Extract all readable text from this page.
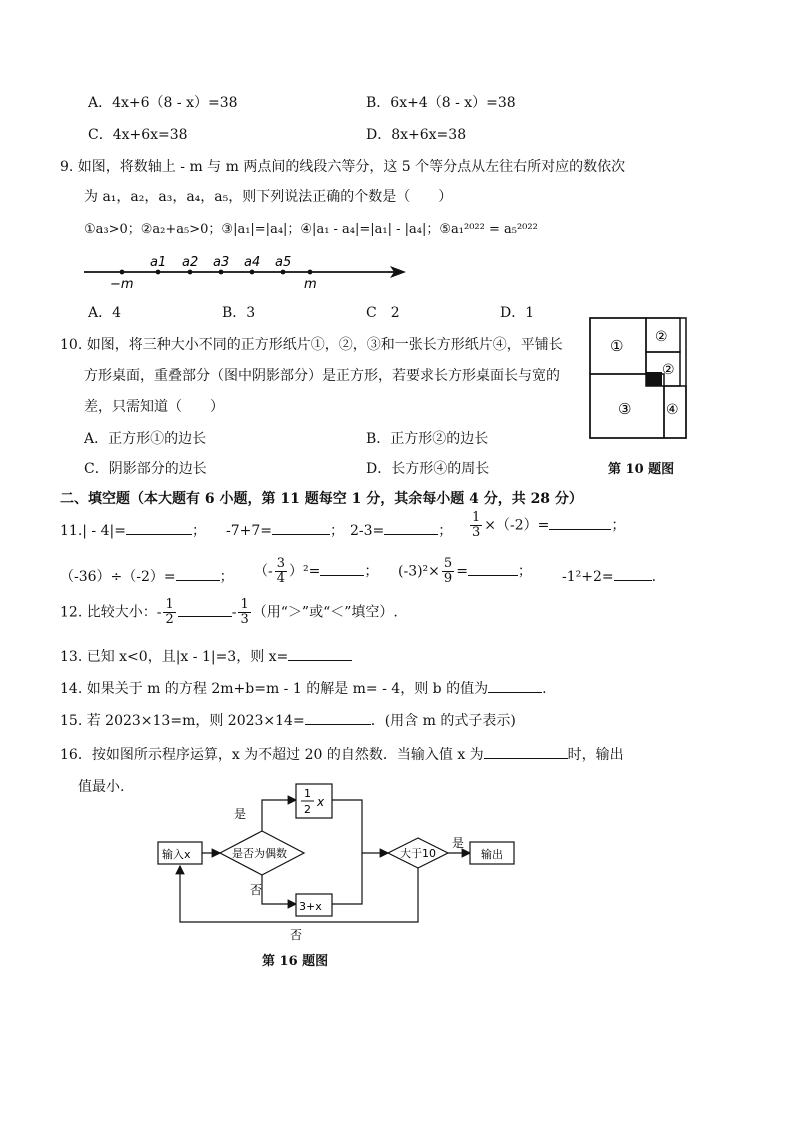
A．4x+6（8 - x）=38	B．6x+4（8 - x）=38
C．4x+6x=38	D．8x+6x=38
9. 如图，将数轴上 - m 与 m 两点间的线段六等分，这 5 个等分点从左往右所对应的数依次
为 a₁，a₂，a₃，a₄，a₅，则下列说法正确的个数是（　　）
①a₃>0；②a₂+a₅>0；③|a₁|=|a₄|；④|a₁ - a₄|=|a₁| - |a₄|；⑤a₁²⁰²² = a₅²⁰²²
−m
a1 a2 a3 a4 a5
m
A．4	B．3	C　2	D．1
10. 如图，将三种大小不同的正方形纸片①，②，③和一张长方形纸片④，平铺长
方形桌面，重叠部分（图中阴影部分）是正方形，若要求长方形桌面长与宽的
差，只需知道（　　）
A．正方形①的边长	B．正方形②的边长
C．阴影部分的边长	D．长方形④的周长
① ②
②
③ ④
第 10 题图
二、填空题（本大题有 6 小题，第 11 题每空 1 分，其余每小题 4 分，共 28 分）
11.| - 4|=	； -7+7=	； 2-3=	； $\frac{1}{3} \times(-2)=$	；
（-36）÷（-2）=	； （- $\frac{3}{4} )^2=$	； $(-3)^2\times \frac{5}{9}$ =	； -1²+2=	.
12. 比较大小：- $\frac{1}{2}$	- $\frac{1}{3}$ （用“＞”或“＜”填空）.
13. 已知 x<0，且|x - 1|=3，则 x=
14. 如果关于 m 的方程 2m+b=m - 1 的解是 m= - 4，则 b 的值为	.
15. 若 2023×13=m，则 2023×14=	．(用含 m 的式子表示)
16．按如图所示程序运算，x 为不超过 20 的自然数．当输入值 x 为	时，输出
值最小.
输入x	是否为偶数
是
1
2
x
否
3+x
大于10
是
输出
否
第 16 题图
